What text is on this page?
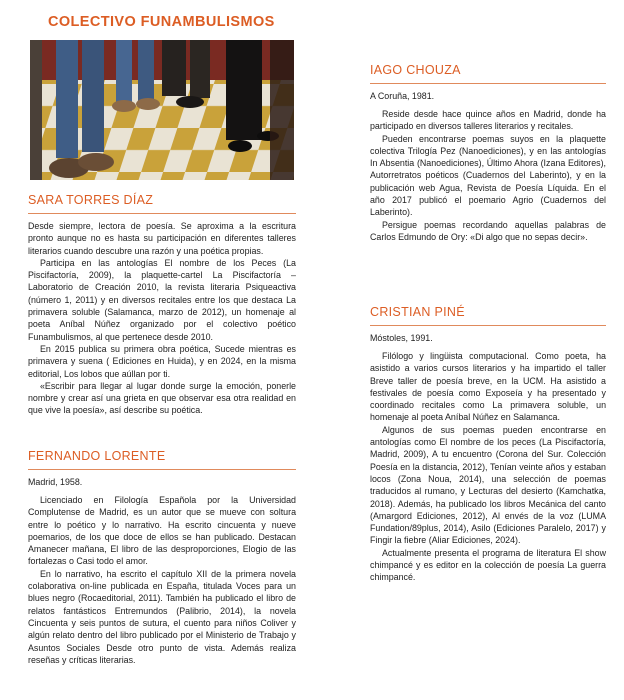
COLECTIVO FUNAMBULISMOS
SARA TORRES DÍAZ

Desde siempre, lectora de poesía. Se aproxima a la escritura pronto aunque no es hasta su participación en diferentes talleres literarios cuando descubre una razón y una poética propias.

Participa en las antologías El nombre de los Peces (La Piscifactoría, 2009), la plaquette-cartel La Piscifactoría – Laboratorio de Creación 2010, la revista literaria Psiqueactiva (número 1, 2011) y en diversos recitales entre los que destaca La primavera soluble (Salamanca, marzo de 2012), un homenaje al poeta Aníbal Núñez organizado por el colectivo poético Funambulismos, al que pertenece desde 2010.

En 2015 publica su primera obra poética, Sucede mientras es primavera y suena ( Ediciones en Huida), y en 2024, en la misma editorial, Los lobos que aúllan por ti.

«Escribir para llegar al lugar donde surge la emoción, ponerle nombre y crear así una grieta en que observar esa otra realidad en que vive la poesía», así describe su poética.

FERNANDO LORENTE
Madrid, 1958.

Licenciado en Filología Española por la Universidad Complutense de Madrid, es un autor que se mueve con soltura entre lo poético y lo narrativo. Ha escrito cincuenta y nueve poemarios, de los que doce de ellos se han publicado. Destacan Amanecer mañana, El libro de las desproporciones, Elogio de las fortalezas o Casi todo el amor.

En lo narrativo, ha escrito el capítulo XII de la primera novela colaborativa on-line publicada en España, titulada Voces para un blues negro (Rocaeditorial, 2011). También ha publicado el libro de relatos fantásticos Entremundos (Palibrio, 2014), la novela Cincuenta y seis puntos de sutura, el cuento para niños Coliver y algún relato dentro del libro publicado por el Ministerio de Trabajo y Asuntos Sociales Desde otro punto de vista. Además realiza reseñas y críticas literarias.

IAGO CHOUZA
A Coruña, 1981.

Reside desde hace quince años en Madrid, donde ha participado en diversos talleres literarios y recitales.

Pueden encontrarse poemas suyos en la plaquette colectiva Trilogía Pez (Nanoediciones), y en las antologías In Absentia (Nanoediciones), Último Ahora (Izana Editores), Autorretratos poéticos (Cuadernos del Laberinto), y en la publicación web Agua, Revista de Poesía Líquida. En el año 2017 publicó el poemario Agrio (Cuadernos del Laberinto).

Persigue poemas recordando aquellas palabras de Carlos Edmundo de Ory: «Di algo que no sepas decir».

CRISTIAN PINÉ
Móstoles, 1991.

Filólogo y lingüista computacional. Como poeta, ha asistido a varios cursos literarios y ha impartido el taller Breve taller de poesía breve, en la UCM. Ha asistido a festivales de poesía como Exposeía y ha presentado y coordinado recitales como La primavera soluble, un homenaje al poeta Aníbal Núñez en Salamanca.

Algunos de sus poemas pueden encontrarse en antologías como El nombre de los peces (La Piscifactoría, Madrid, 2009), A tu encuentro (Corona del Sur. Colección Poesía en la distancia, 2012), Tenían veinte años y estaban locos (Zona Noua, 2014), una selección de poemas traducidos al rumano, y Lecturas del desierto (Kamchatka, 2018). Además, ha publicado los libros Mecánica del canto (Amargord Ediciones, 2012), Al envés de la voz (LUMA Fundation/89plus, 2014), Asilo (Ediciones Paralelo, 2017) y Fingir la fiebre (Aliar Ediciones, 2024).

Actualmente presenta el programa de literatura El show chimpancé y es editor en la colección de poesía La guerra chimpancé.
